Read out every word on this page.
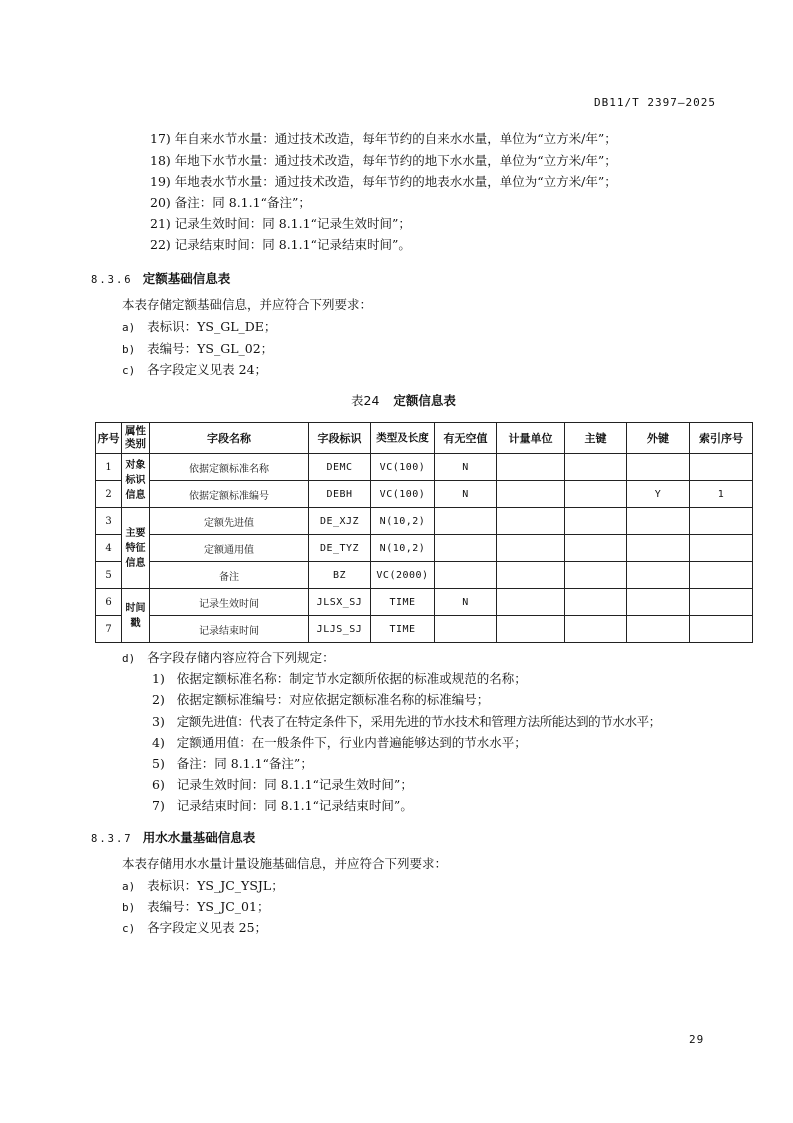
DB11/T 2397—2025
17) 年自来水节水量：通过技术改造，每年节约的自来水水量，单位为“立方米/年”；
18) 年地下水节水量：通过技术改造，每年节约的地下水水量，单位为“立方米/年”；
19) 年地表水节水量：通过技术改造，每年节约的地表水水量，单位为“立方米/年”；
20) 备注：同 8.1.1“备注”；
21) 记录生效时间：同 8.1.1“记录生效时间”；
22) 记录结束时间：同 8.1.1“记录结束时间”。
8.3.6 定额基础信息表
本表存储定额基础信息，并应符合下列要求：
a) 表标识：YS_GL_DE；
b) 表编号：YS_GL_02；
c) 各字段定义见表 24；
表24 定额信息表
序号	属性类别	字段名称	字段标识	类型及长度	有无空值	计量单位	主键	外键	索引序号
1	对象标识信息	依据定额标准名称	DEMC	VC(100)	N				
2		依据定额标准编号	DEBH	VC(100)	N			Y	1
3	主要特征信息	定额先进值	DE_XJZ	N(10,2)					
4		定额通用值	DE_TYZ	N(10,2)					
5		备注	BZ	VC(2000)					
6	时间戳	记录生效时间	JLSX_SJ	TIME	N				
7		记录结束时间	JLJS_SJ	TIME					
d) 各字段存储内容应符合下列规定：
1) 依据定额标准名称：制定节水定额所依据的标准或规范的名称；
2) 依据定额标准编号：对应依据定额标准名称的标准编号；
3) 定额先进值：代表了在特定条件下，采用先进的节水技术和管理方法所能达到的节水水平；
4) 定额通用值：在一般条件下，行业内普遍能够达到的节水水平；
5) 备注：同 8.1.1“备注”；
6) 记录生效时间：同 8.1.1“记录生效时间”；
7) 记录结束时间：同 8.1.1“记录结束时间”。
8.3.7 用水水量基础信息表
本表存储用水水量计量设施基础信息，并应符合下列要求：
a) 表标识：YS_JC_YSJL；
b) 表编号：YS_JC_01；
c) 各字段定义见表 25；
29
